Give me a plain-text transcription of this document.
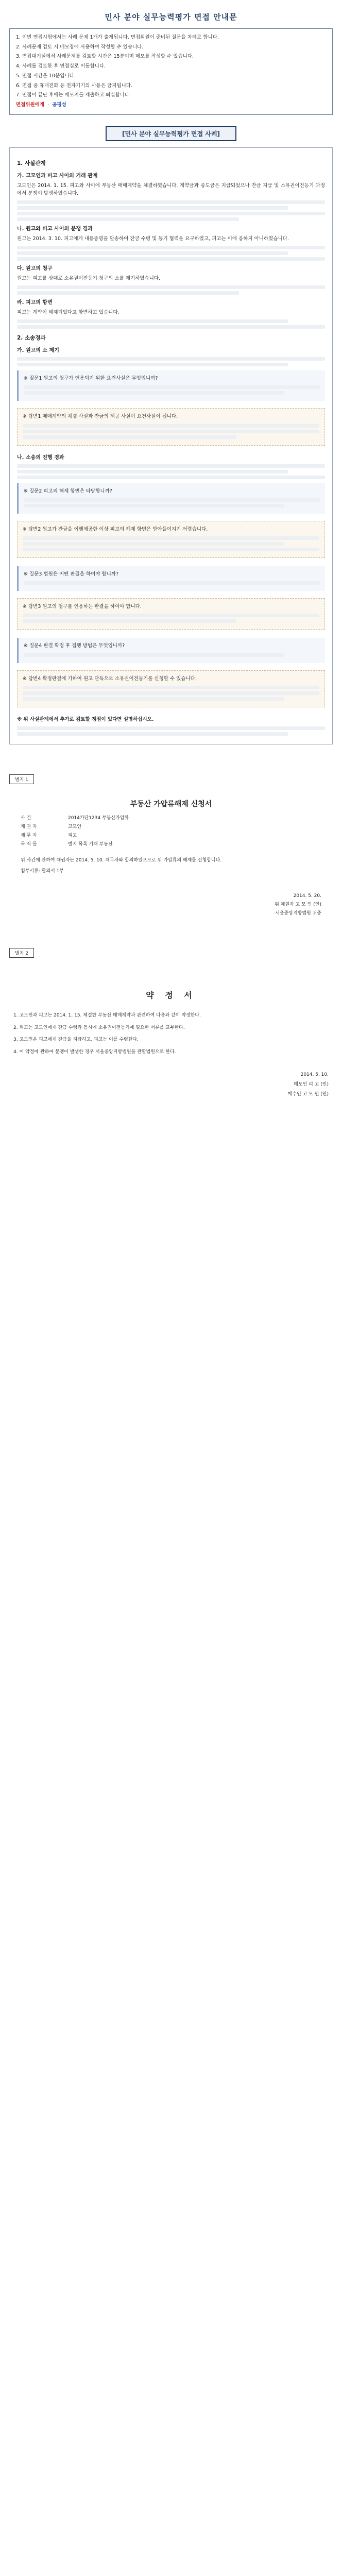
민사 분야 실무능력평가 면접 안내문
1. 이번 면접시험에서는 사례 문제 1개가 출제됩니다. 면접위원이 준비된 질문을 차례로 합니다.
2. 사례문제 검토 시 메모장에 사용하여 작성할 수 있습니다.
3. 면접대기실에서 사례문제를 검토할 시간은 15분이며 메모를 작성할 수 있습니다.
4. 사례를 검토한 후 면접실로 이동합니다.
5. 면접 시간은 10분입니다.
6. 면접 중 휴대전화 등 전자기기의 사용은 금지됩니다.
7. 면접이 끝난 후에는 메모지를 제출하고 퇴실합니다.
면접위원에게  ·  공평성
[민사 분야 실무능력평가 면접 사례]
1. 사실관계
가. 고모인과 피고 사이의 거래 관계

고모인은 2014. 1. 15. 피고와 사이에 부동산 매매계약을 체결하였습니다. 계약금과 중도금은 지급되었으나 잔금 지급 및 소유권이전등기 과정에서 분쟁이 발생하였습니다.

나. 원고와 피고 사이의 분쟁 경과

원고는 2014. 3. 10. 피고에게 내용증명을 발송하여 잔금 수령 및 등기 협력을 요구하였고, 피고는 이에 응하지 아니하였습니다.

다. 원고의 청구

원고는 피고를 상대로 소유권이전등기 청구의 소를 제기하였습니다.

라. 피고의 항변

피고는 계약이 해제되었다고 항변하고 있습니다.

2. 소송경과
가. 원고의 소 제기

※ 질문1 원고의 청구가 인용되기 위한 요건사실은 무엇입니까?

※ 답변1 매매계약의 체결 사실과 잔금의 제공 사실이 요건사실이 됩니다.

나. 소송의 진행 경과

※ 질문2 피고의 해제 항변은 타당합니까?

※ 답변2 원고가 잔금을 이행제공한 이상 피고의 해제 항변은 받아들여지기 어렵습니다.

※ 질문3 법원은 어떤 판결을 하여야 합니까?

※ 답변3 원고의 청구를 인용하는 판결을 하여야 합니다.

※ 질문4 판결 확정 후 집행 방법은 무엇입니까?

※ 답변4 확정판결에 기하여 원고 단독으로 소유권이전등기를 신청할 수 있습니다.

※ 위 사실관계에서 추가로 검토할 쟁점이 있다면 설명하십시오.

별지 1
부동산 가압류해제 신청서
사 건	2014카단1234 부동산가압류
채 권 자	고모인
채 무 자	피고
목 적 물	별지 목록 기재 부동산

위 사건에 관하여 채권자는 2014. 5. 10. 채무자와 합의하였으므로 위 가압류의 해제를 신청합니다.

첨부서류: 합의서 1부

2014. 5. 20.
위 채권자 고 모 인 (인)
서울중앙지방법원 귀중
별지 2
약 정 서

1. 고모인과 피고는 2014. 1. 15. 체결한 부동산 매매계약과 관련하여 다음과 같이 약정한다.

2. 피고는 고모인에게 잔금 수령과 동시에 소유권이전등기에 필요한 서류를 교부한다.

3. 고모인은 피고에게 잔금을 지급하고, 피고는 이를 수령한다.

4. 이 약정에 관하여 분쟁이 발생한 경우 서울중앙지방법원을 관할법원으로 한다.

2014. 5. 10.
매도인 피 고 (인)
매수인 고 모 인 (인)
